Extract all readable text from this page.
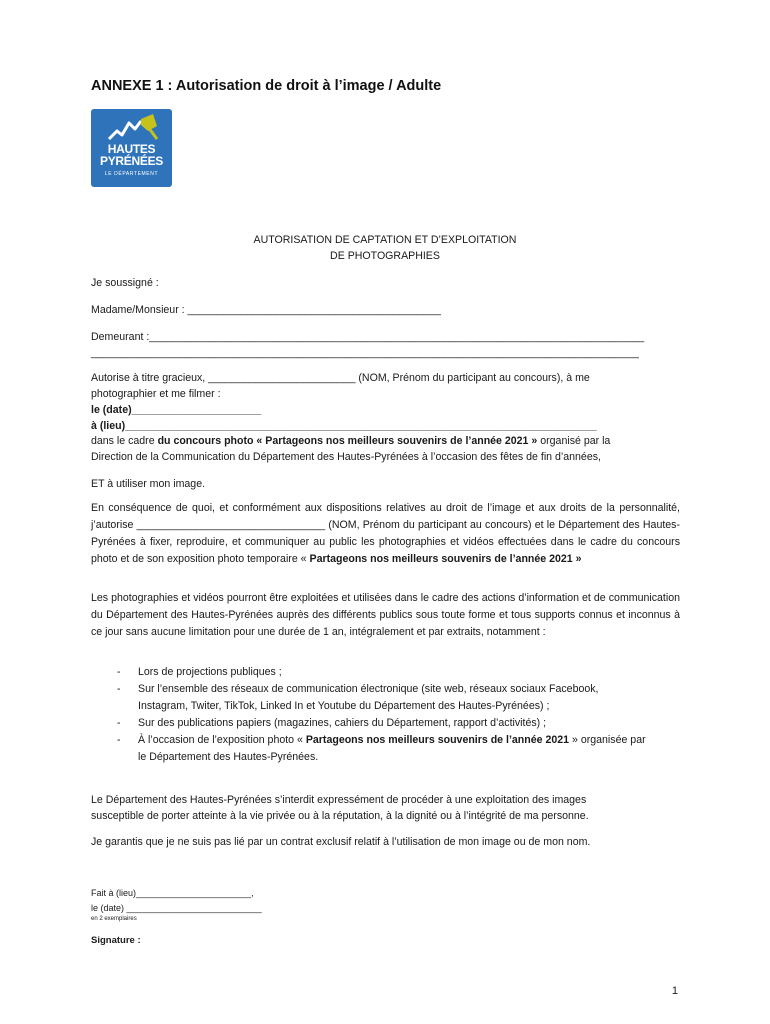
ANNEXE 1 : Autorisation de droit à l’image / Adulte
HAUTES
PYRÉNÉES
LE DÉPARTEMENT
AUTORISATION DE CAPTATION ET D’EXPLOITATION
DE PHOTOGRAPHIES
Je soussigné :
Madame/Monsieur : ___________________________________________
Demeurant :____________________________________________________________________________________
_____________________________________________________________________________________________
Autorise à titre gracieux, _________________________ (NOM, Prénom du participant au concours), à me
photographier et me filmer :
le (date)______________________
à (lieu)________________________________________________________________________________
dans le cadre du concours photo « Partageons nos meilleurs souvenirs de l’année 2021 » organisé par la
Direction de la Communication du Département des Hautes-Pyrénées à l’occasion des fêtes de fin d’années,
ET à utiliser mon image.
En conséquence de quoi, et conformément aux dispositions relatives au droit de l’image et aux droits de la personnalité, j’autorise ________________________________ (NOM, Prénom du participant au concours) et le Département des Hautes-Pyrénées à fixer, reproduire, et communiquer au public les photographies et vidéos effectuées dans le cadre du concours photo et de son exposition photo temporaire « Partageons nos meilleurs souvenirs de l’année 2021 »
Les photographies et vidéos pourront être exploitées et utilisées dans le cadre des actions d’information et de communication du Département des Hautes-Pyrénées auprès des différents publics sous toute forme et tous supports connus et inconnus à ce jour sans aucune limitation pour une durée de 1 an, intégralement et par extraits, notamment :
- Lors de projections publiques ;
- Sur l’ensemble des réseaux de communication électronique (site web, réseaux sociaux Facebook,
Instagram, Twiter, TikTok, Linked In et Youtube du Département des Hautes-Pyrénées) ;
- Sur des publications papiers (magazines, cahiers du Département, rapport d’activités) ;
- À l’occasion de l’exposition photo « Partageons nos meilleurs souvenirs de l’année 2021 » organisée par
le Département des Hautes-Pyrénées.
Le Département des Hautes-Pyrénées s’interdit expressément de procéder à une exploitation des images
susceptible de porter atteinte à la vie privée ou à la réputation, à la dignité ou à l’intégrité de ma personne.
Je garantis que je ne suis pas lié par un contrat exclusif relatif à l’utilisation de mon image ou de mon nom.
Fait à (lieu)_______________________,
le (date) ___________________________
en 2 exemplaires
Signature :
1
